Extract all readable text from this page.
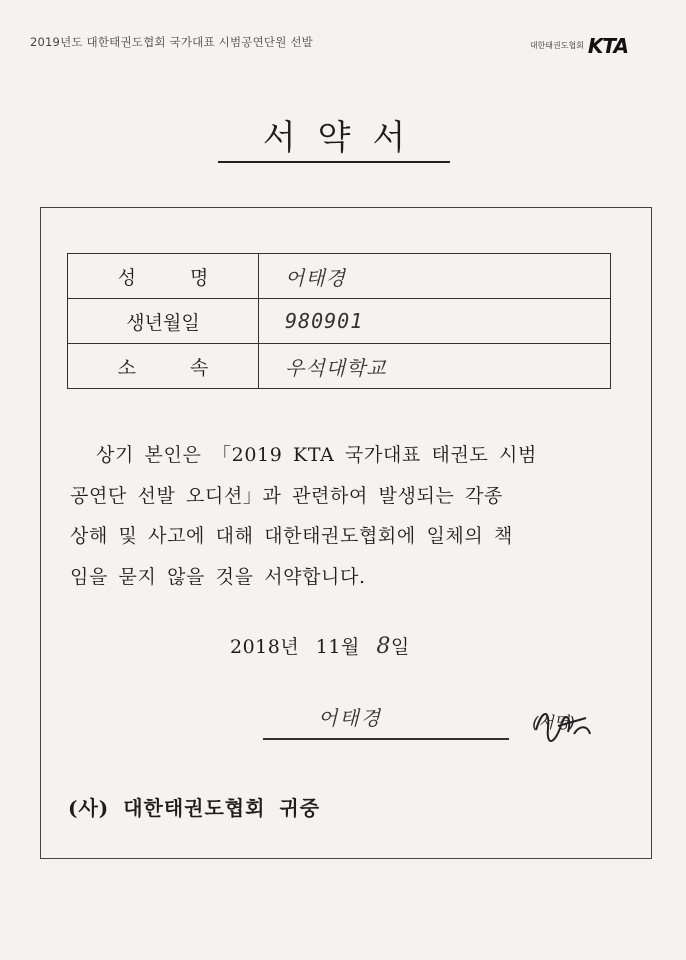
2019년도 대한태권도협회 국가대표 시범공연단원 선발	대한태권도협회 KTA
서약서
성 명	어태경
생년월일	980901
소 속	우석대학교

상기 본인은 「2019 KTA 국가대표 태권도 시범

공연단 선발 오디션」과 관련하여 발생되는 각종

상해 및 사고에 대해 대한태권도협회에 일체의 책

임을 묻지 않을 것을 서약합니다.

2018년 11월 8일
어태경	(서명)
(사) 대한태권도협회 귀중
